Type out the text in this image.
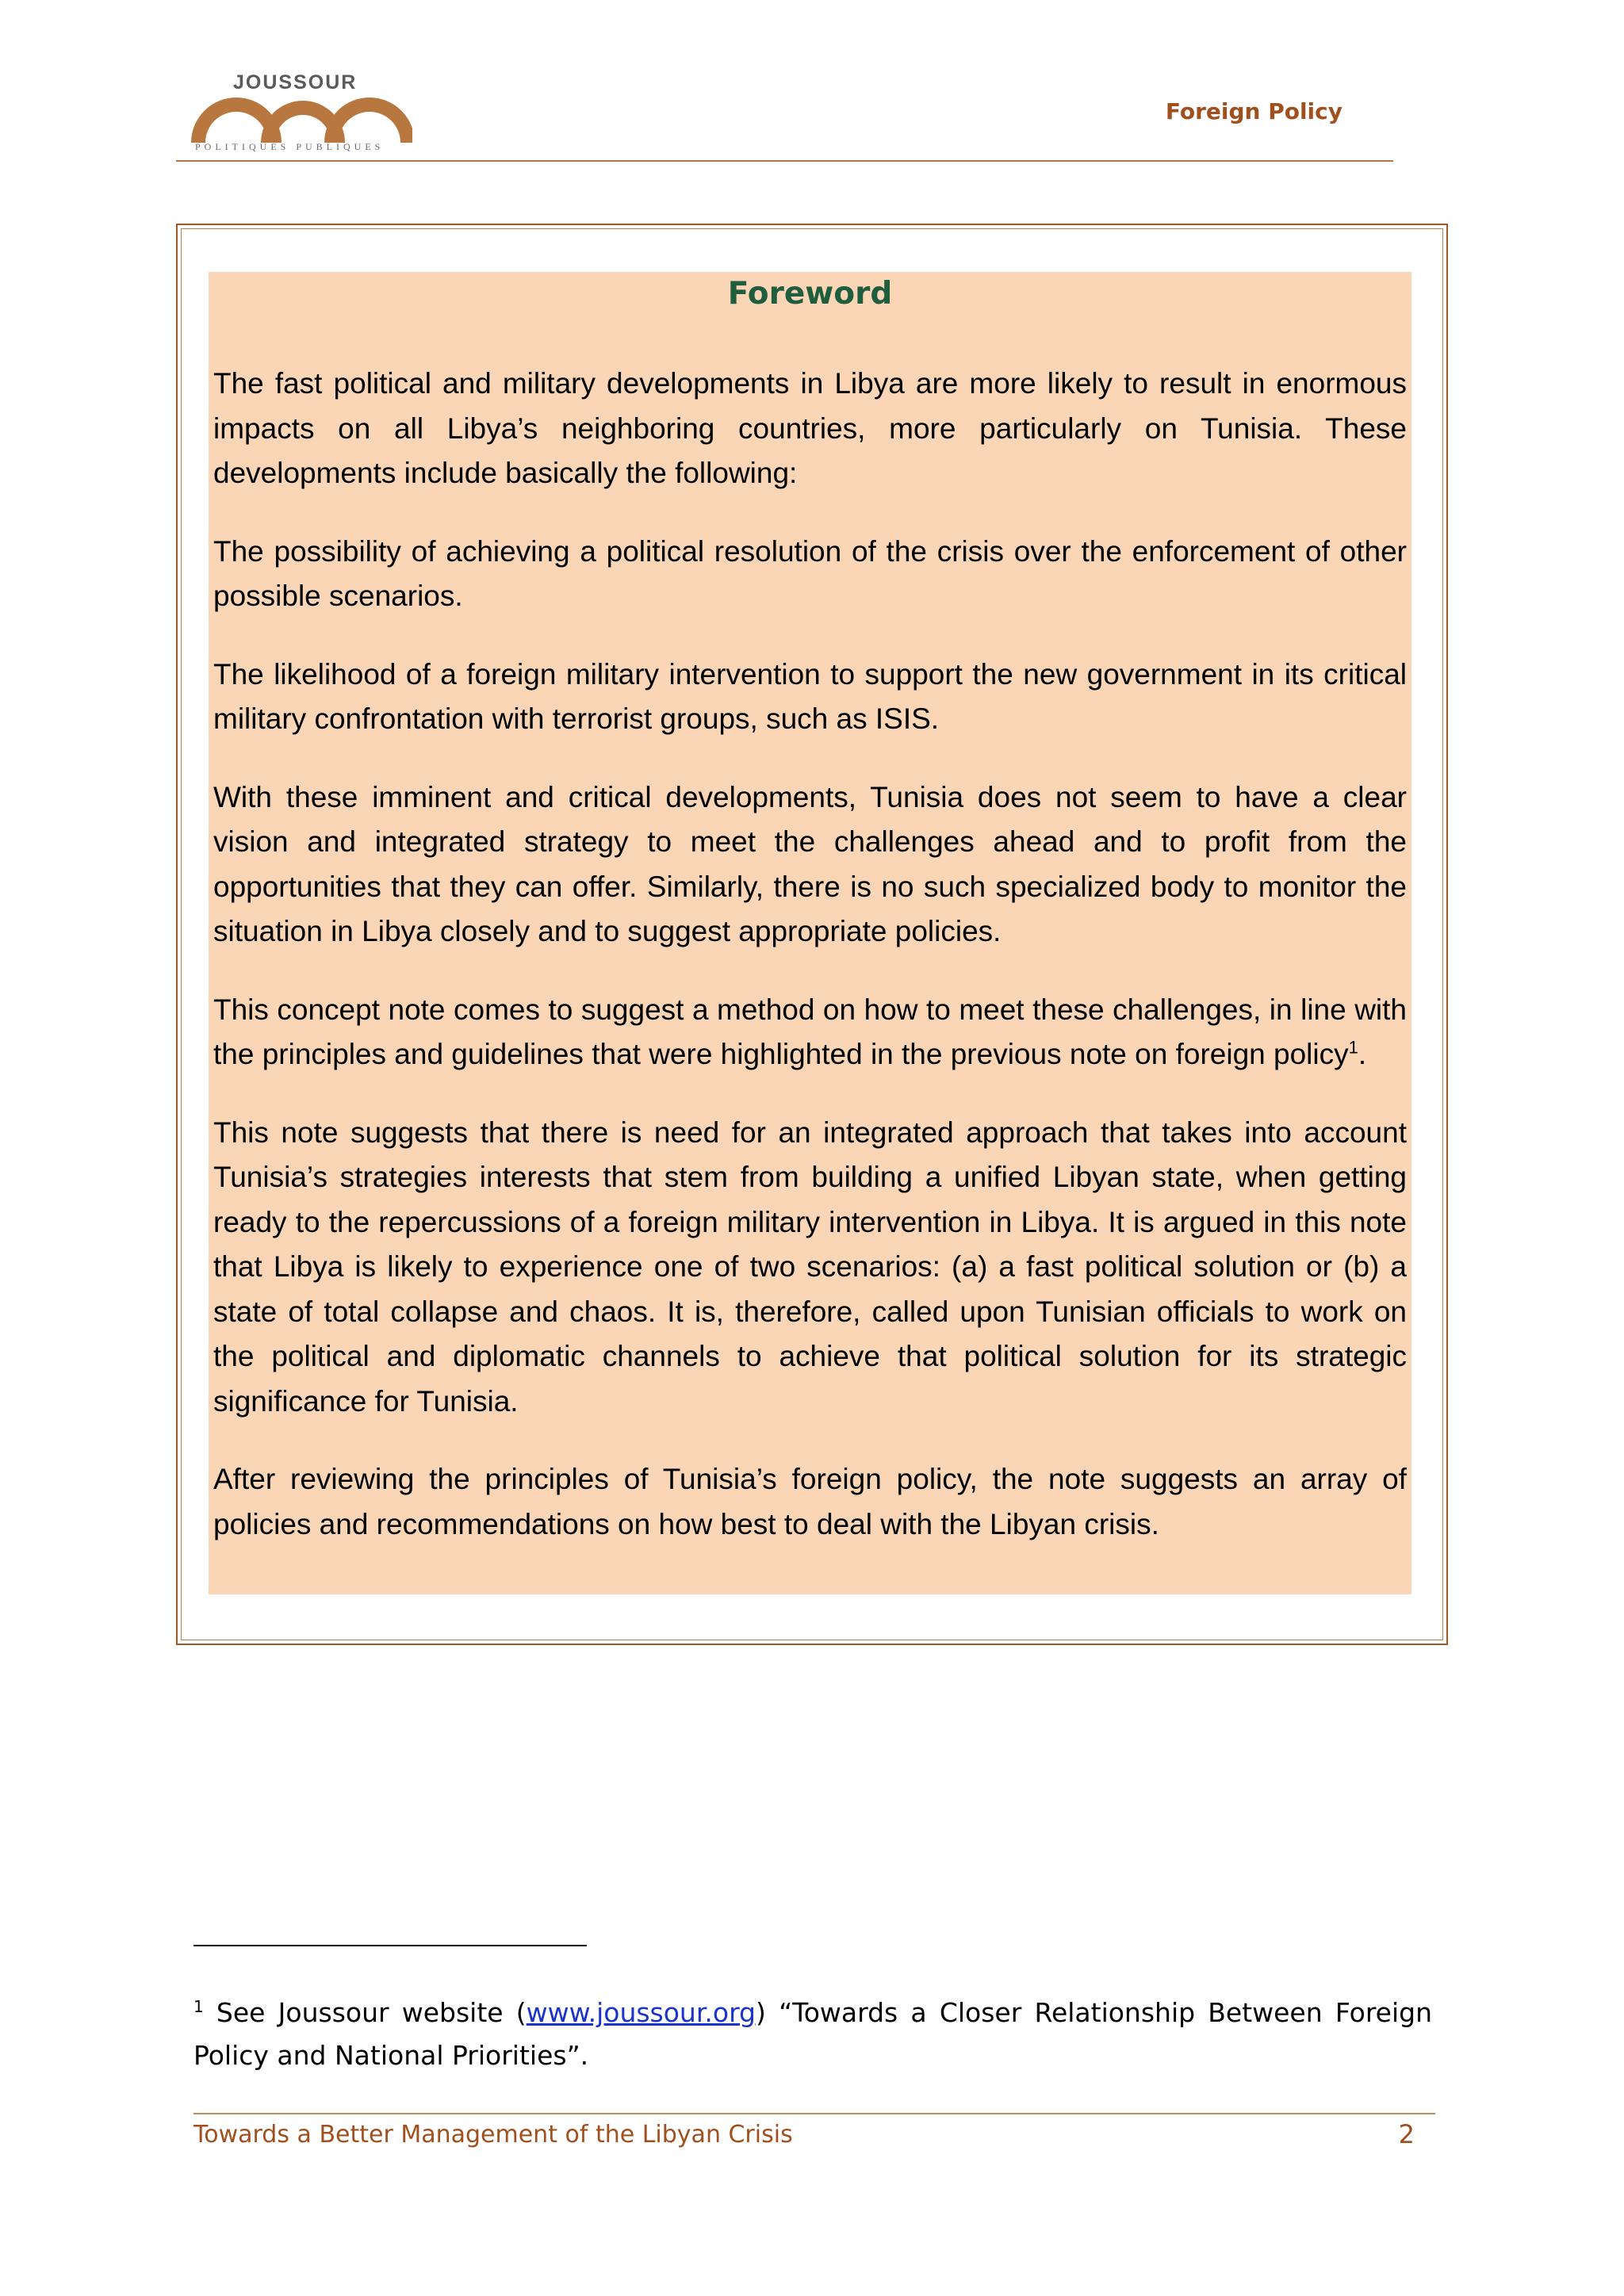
JOUSSOUR
POLITIQUES PUBLIQUES
Foreign Policy
Foreword

The fast political and military developments in Libya are more likely to result in enormous impacts on all Libya’s neighboring countries, more particularly on Tunisia. These developments include basically the following:

The possibility of achieving a political resolution of the crisis over the enforcement of other possible scenarios.

The likelihood of a foreign military intervention to support the new government in its critical military confrontation with terrorist groups, such as ISIS.

With these imminent and critical developments, Tunisia does not seem to have a clear vision and integrated strategy to meet the challenges ahead and to profit from the opportunities that they can offer. Similarly, there is no such specialized body to monitor the situation in Libya closely and to suggest appropriate policies.

This concept note comes to suggest a method on how to meet these challenges, in line with the principles and guidelines that were highlighted in the previous note on foreign policy$^1$.

This note suggests that there is need for an integrated approach that takes into account Tunisia’s strategies interests that stem from building a unified Libyan state, when getting ready to the repercussions of a foreign military intervention in Libya. It is argued in this note that Libya is likely to experience one of two scenarios: (a) a fast political solution or (b) a state of total collapse and chaos. It is, therefore, called upon Tunisian officials to work on the political and diplomatic channels to achieve that political solution for its strategic significance for Tunisia.

After reviewing the principles of Tunisia’s foreign policy, the note suggests an array of policies and recommendations on how best to deal with the Libyan crisis.

$^1$ See Joussour website (www.joussour.org) “Towards a Closer Relationship Between Foreign Policy and National Priorities”.
Towards a Better Management of the Libyan Crisis	2
